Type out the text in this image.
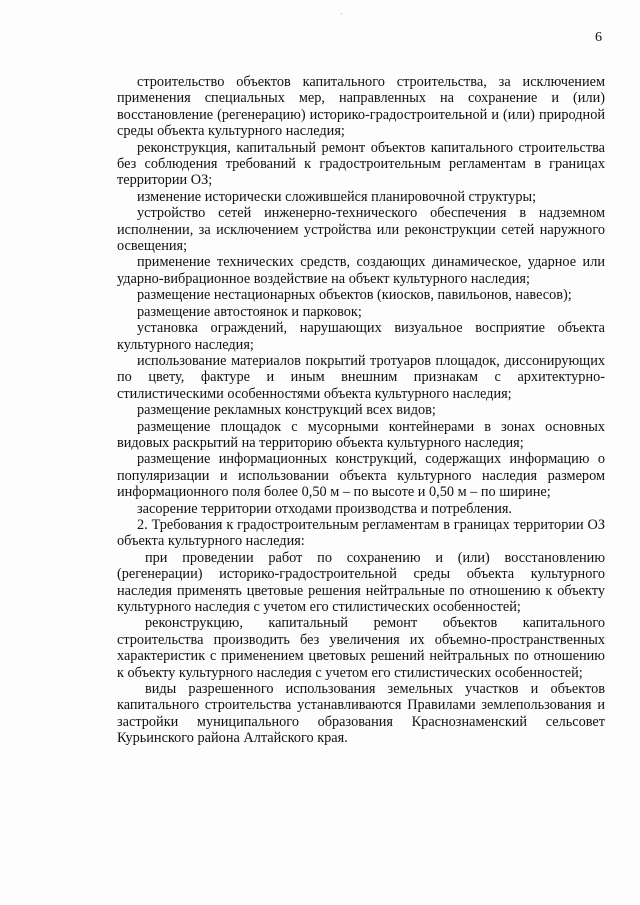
6

строительство объектов капитального строительства, за исключением применения специальных мер, направленных на сохранение и (или) восстановление (регенерацию) историко-градостроительной и (или) природной среды объекта культурного наследия;

реконструкция, капитальный ремонт объектов капитального строительства без соблюдения требований к градостроительным регламентам в границах территории ОЗ;

изменение исторически сложившейся планировочной структуры;

устройство сетей инженерно-технического обеспечения в надземном исполнении, за исключением устройства или реконструкции сетей наружного освещения;

применение технических средств, создающих динамическое, ударное или ударно-вибрационное воздействие на объект культурного наследия;

размещение нестационарных объектов (киосков, павильонов, навесов);

размещение автостоянок и парковок;

установка ограждений, нарушающих визуальное восприятие объекта культурного наследия;

использование материалов покрытий тротуаров площадок, диссонирующих по цвету, фактуре и иным внешним признакам с архитектурно-стилистическими особенностями объекта культурного наследия;

размещение рекламных конструкций всех видов;

размещение площадок с мусорными контейнерами в зонах основных видовых раскрытий на территорию объекта культурного наследия;

размещение информационных конструкций, содержащих информацию о популяризации и использовании объекта культурного наследия размером информационного поля более 0,50 м – по высоте и 0,50 м – по ширине;

засорение территории отходами производства и потребления.

2. Требования к градостроительным регламентам в границах территории ОЗ объекта культурного наследия:

при проведении работ по сохранению и (или) восстановлению (регенерации) историко-градостроительной среды объекта культурного наследия применять цветовые решения нейтральные по отношению к объекту культурного наследия с учетом его стилистических особенностей;

реконструкцию, капитальный ремонт объектов капитального строительства производить без увеличения их объемно-пространственных характеристик с применением цветовых решений нейтральных по отношению к объекту культурного наследия с учетом его стилистических особенностей;

виды разрешенного использования земельных участков и объектов капитального строительства устанавливаются Правилами землепользования и застройки муниципального образования Краснознаменский сельсовет Курьинского района Алтайского края.
